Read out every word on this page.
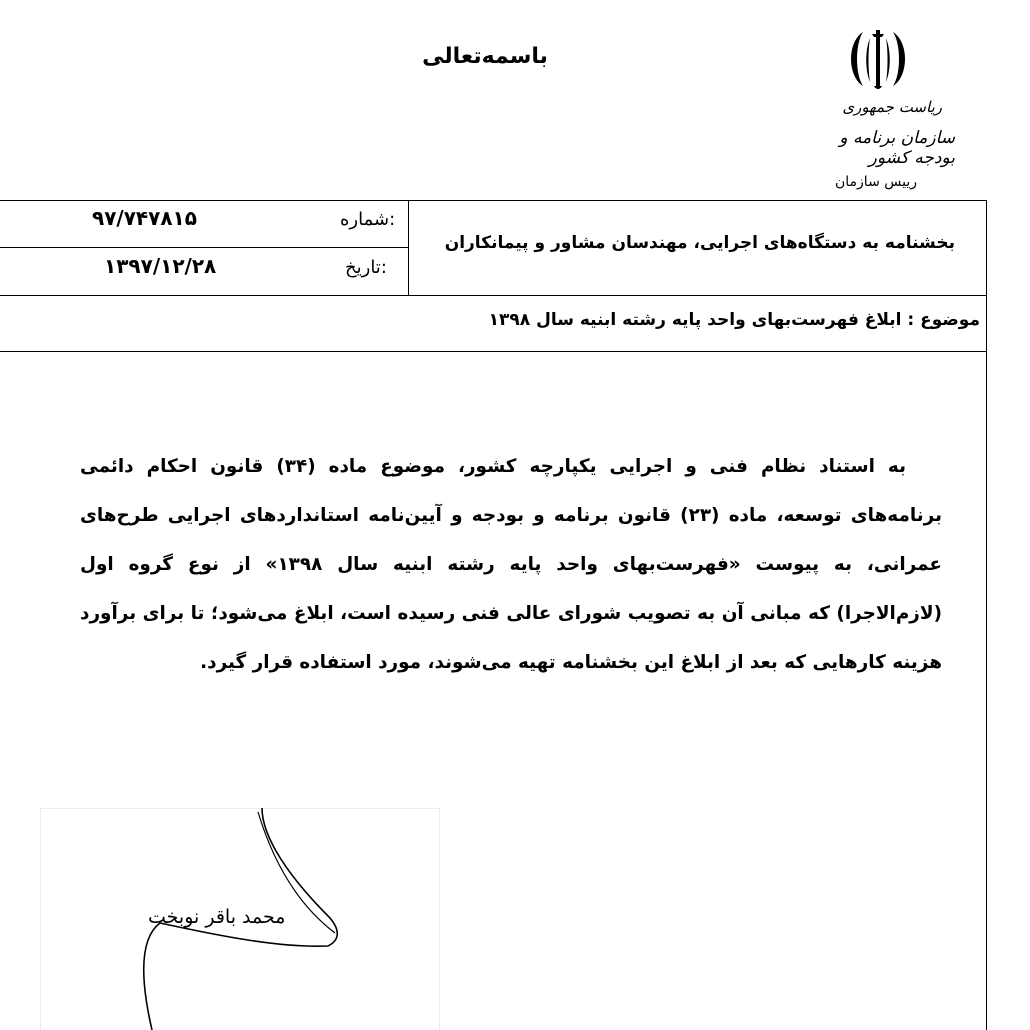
باسمه‌تعالی
ریاست جمهوری
سازمان برنامه و بودجه کشور
رییس سازمان
شماره:
۹۷/۷۴۷۸۱۵
تاریخ:
۱۳۹۷/۱۲/۲۸
بخشنامه به دستگاه‌های اجرایی، مهندسان مشاور و پیمانکاران
موضوع : ابلاغ فهرست‌بهای واحد پایه رشته ابنیه سال ۱۳۹۸
به استناد نظام فنی و اجرایی یکپارچه کشور، موضوع ماده (۳۴) قانون احکام دائمی برنامه‌های توسعه، ماده (۲۳) قانون برنامه و بودجه و آیین‌نامه استانداردهای اجرایی طرح‌های عمرانی، به پیوست «فهرست‌بهای واحد پایه رشته ابنیه سال ۱۳۹۸» از نوع گروه اول (لازم‌الاجرا) که مبانی آن به تصویب شورای عالی فنی رسیده است، ابلاغ می‌شود؛ تا برای برآورد هزینه کارهایی که بعد از ابلاغ این بخشنامه تهیه می‌شوند، مورد استفاده قرار گیرد.
محمد باقر نوبخت
